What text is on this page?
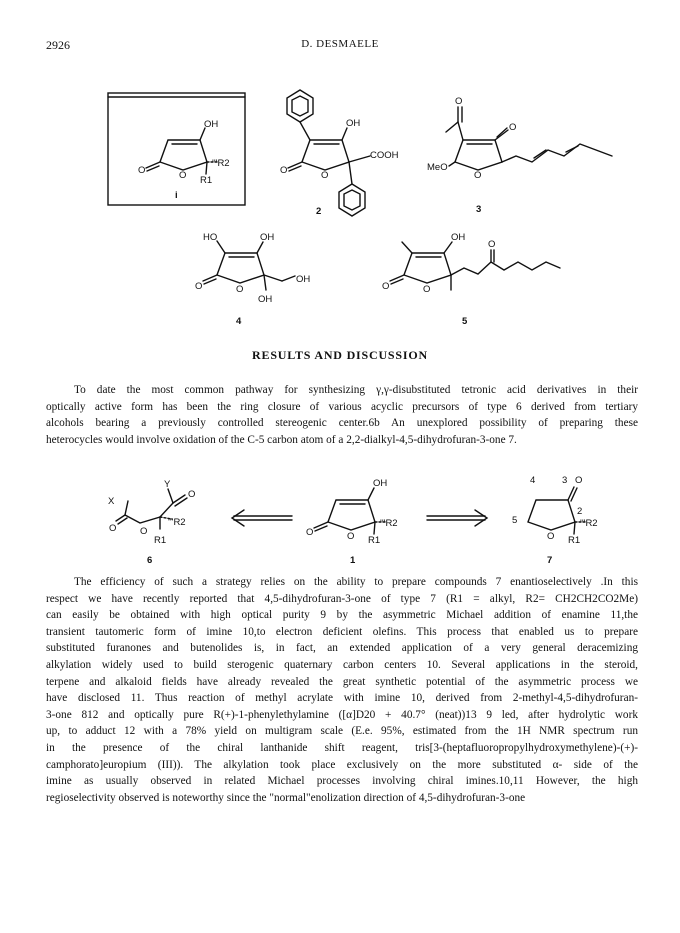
2926	D. DESMAELE
O	O
OH
'''R2
R1
i
O	O
OH
COOH
2
O
O
MeO
O
3
HO	OH
O	O
OH
OH
4
OH
O
O	O
5
RESULTS AND DISCUSSION

To date the most common pathway for synthesizing γ,γ-disubstituted tetronic acid derivatives in their
optically active form has been the ring closure of various acyclic precursors of type 6 derived from tertiary
alcohols bearing a previously controlled stereogenic center.6b An unexplored possibility of preparing these
heterocycles would involve oxidation of the C-5 carbon atom of a 2,2-dialkyl-4,5-dihydrofuran-3-one 7.

X
Y
O O
O
'''R2
R1
6
OH
O	O
'''R2
R1
1
4	3 O
2
5
O
'''R2
R1
7

The efficiency of such a strategy relies on the ability to prepare compounds 7 enantioselectively .In this
respect we have recently reported that 4,5-dihydrofuran-3-one of type 7 (R1 = alkyl, R2= CH2CH2CO2Me)
can easily be obtained with high optical purity 9 by the asymmetric Michael addition of enamine 11,the
transient tautomeric form of imine 10,to electron deficient olefins. This process that enabled us to prepare
substituted furanones and butenolides is, in fact, an extended application of a very general deracemizing
alkylation widely used to build sterogenic quaternary carbon centers 10. Several applications in the steroid,
terpene and alkaloid fields have already revealed the great synthetic potential of the asymmetric process we
have disclosed 11. Thus reaction of methyl acrylate with imine 10, derived from 2-methyl-4,5-dihydrofuran-
3-one 812 and optically pure R(+)-1-phenylethylamine ([α]D20 + 40.7° (neat))13 9 led, after hydrolytic work
up, to adduct 12 with a 78% yield on multigram scale (E.e. 95%, estimated from the 1H NMR spectrum run
in the presence of the chiral lanthanide shift reagent, tris[3-(heptafluoropropylhydroxymethylene)-(+)-
camphorato]europium (III)). The alkylation took place exclusively on the more substituted α- side of the
imine as usually observed in related Michael processes involving chiral imines.10,11 However, the high
regioselectivity observed is noteworthy since the "normal"enolization direction of 4,5-dihydrofuran-3-one
